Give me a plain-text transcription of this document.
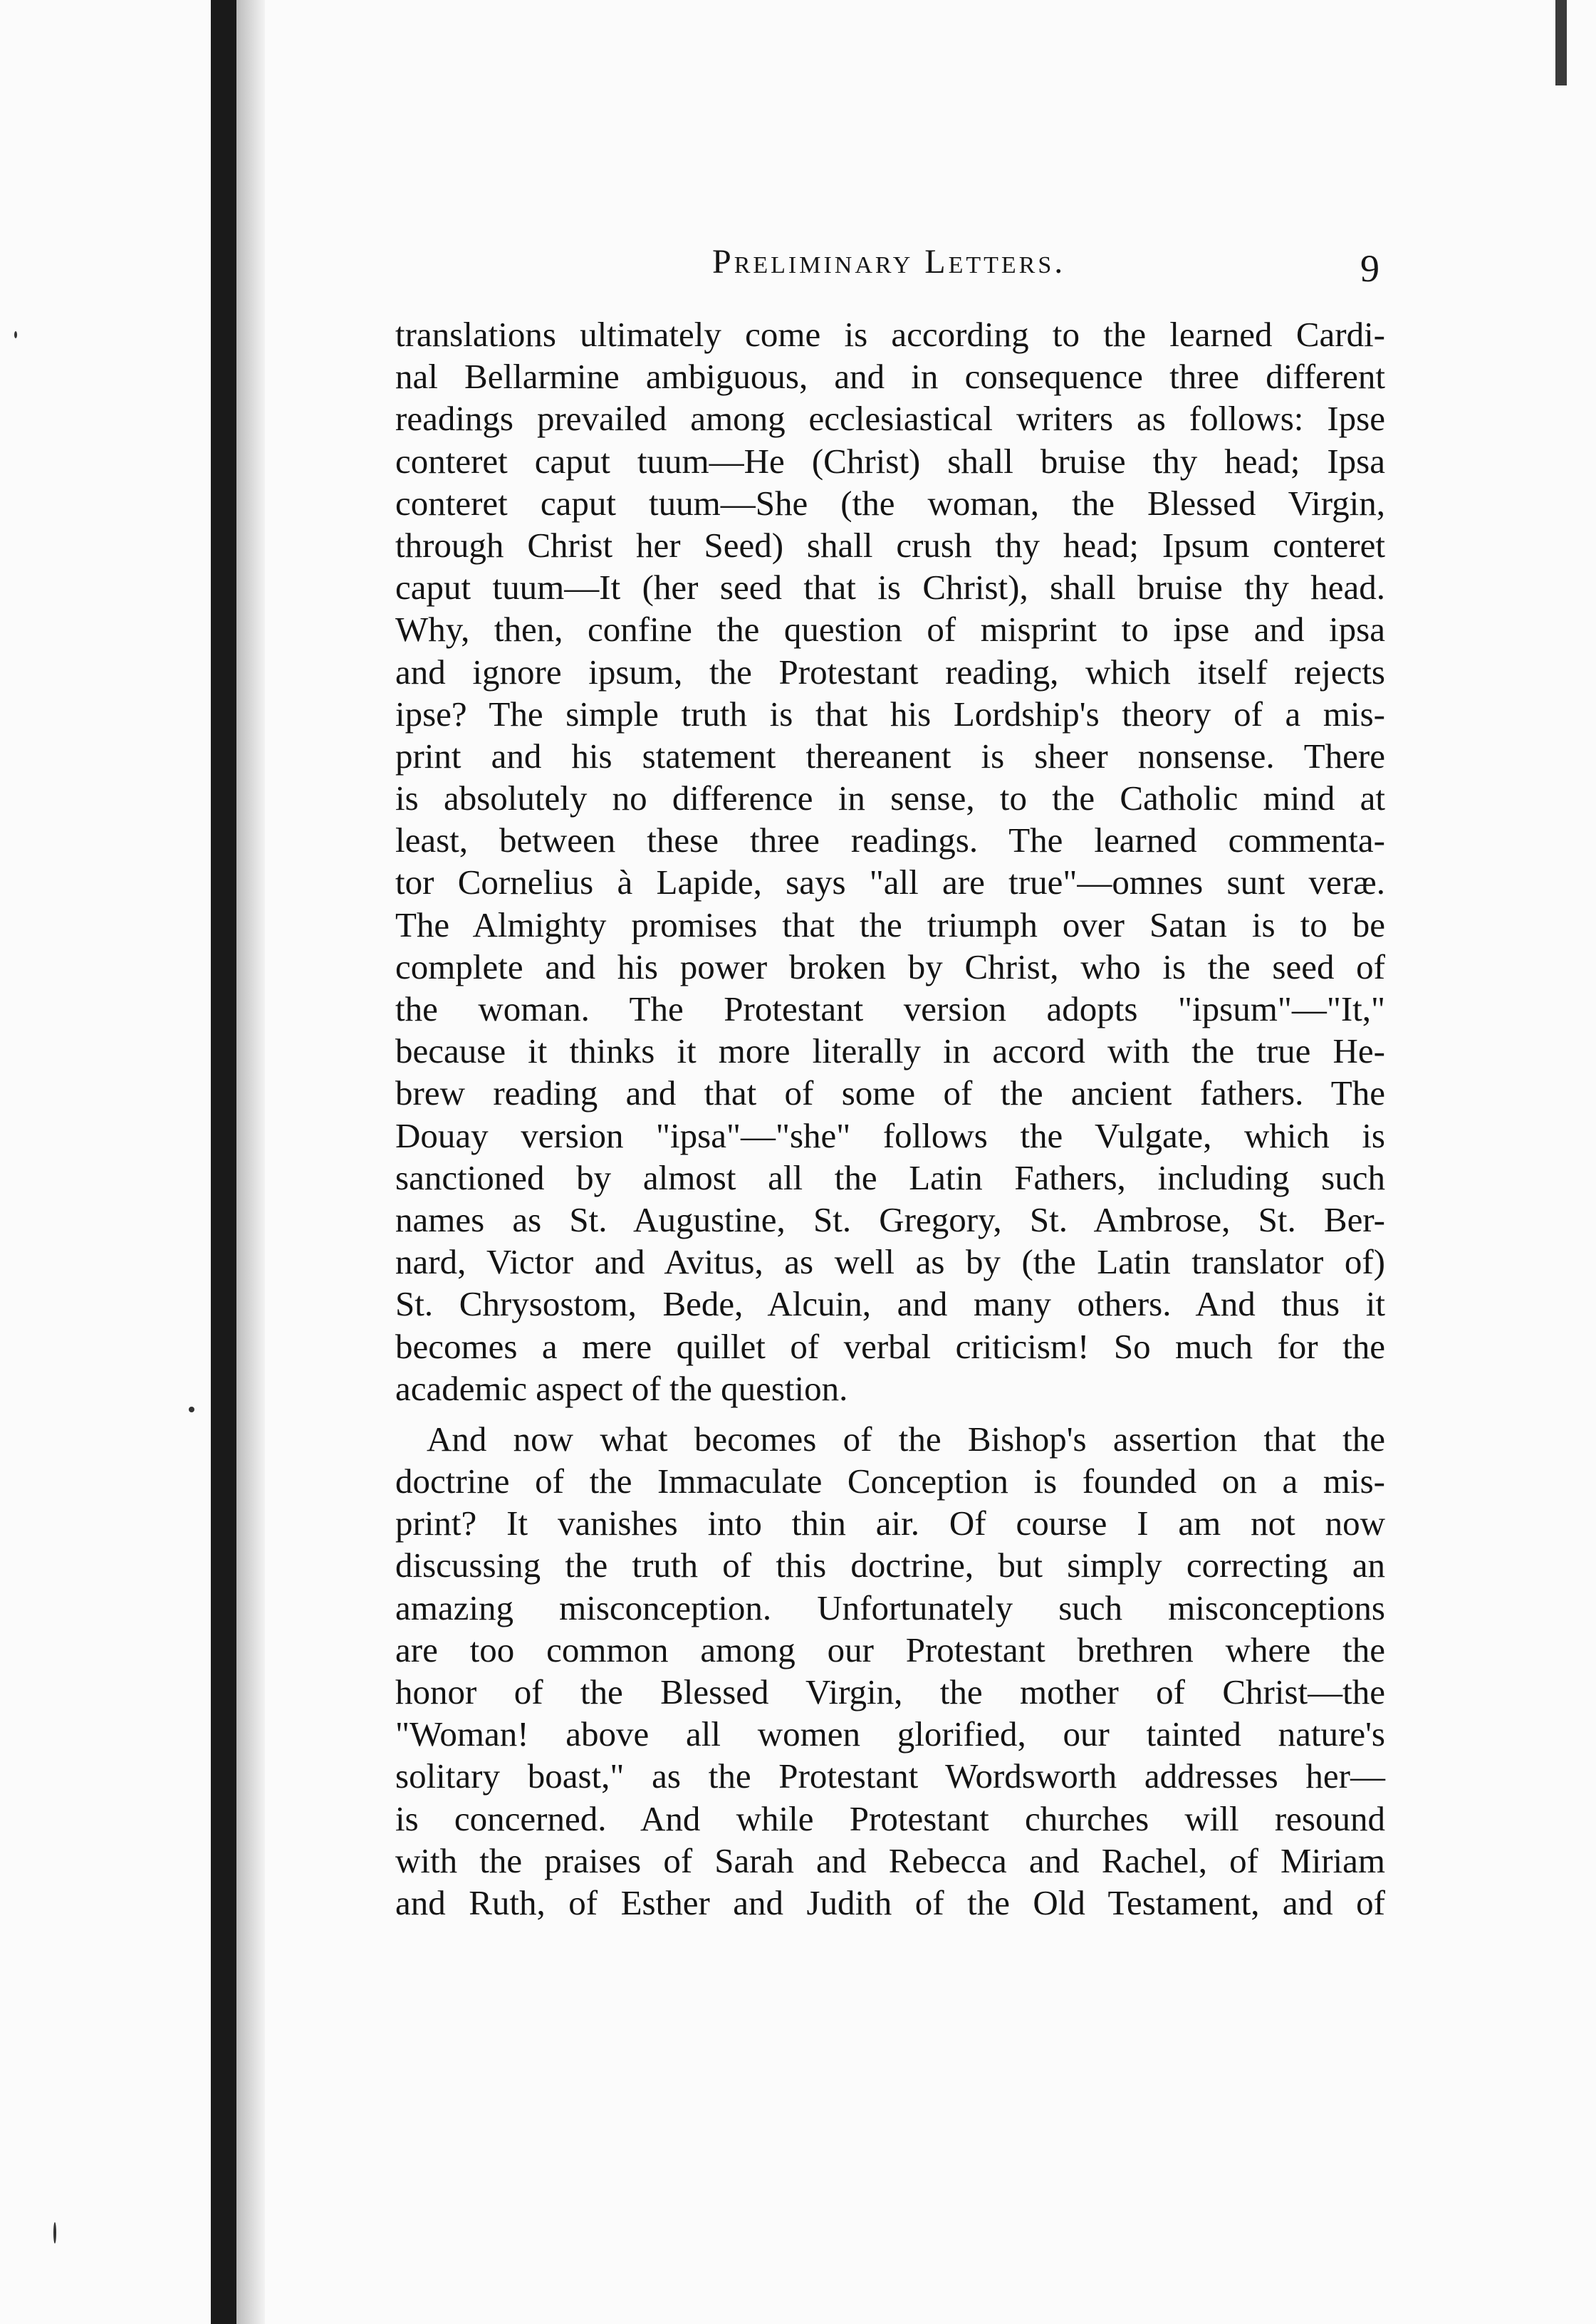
Preliminary Letters.	9
translations ultimately come is according to the learned Cardi-
nal Bellarmine ambiguous, and in consequence three different
readings prevailed among ecclesiastical writers as follows: Ipse
conteret caput tuum—He (Christ) shall bruise thy head; Ipsa
conteret caput tuum—She (the woman, the Blessed Virgin,
through Christ her Seed) shall crush thy head; Ipsum conteret
caput tuum—It (her seed that is Christ), shall bruise thy head.
Why, then, confine the question of misprint to ipse and ipsa
and ignore ipsum, the Protestant reading, which itself rejects
ipse? The simple truth is that his Lordship's theory of a mis-
print and his statement thereanent is sheer nonsense. There
is absolutely no difference in sense, to the Catholic mind at
least, between these three readings. The learned commenta-
tor Cornelius à Lapide, says "all are true"—omnes sunt veræ.
The Almighty promises that the triumph over Satan is to be
complete and his power broken by Christ, who is the seed of
the woman. The Protestant version adopts "ipsum"—"It,"
because it thinks it more literally in accord with the true He-
brew reading and that of some of the ancient fathers. The
Douay version "ipsa"—"she" follows the Vulgate, which is
sanctioned by almost all the Latin Fathers, including such
names as St. Augustine, St. Gregory, St. Ambrose, St. Ber-
nard, Victor and Avitus, as well as by (the Latin translator of)
St. Chrysostom, Bede, Alcuin, and many others. And thus it
becomes a mere quillet of verbal criticism! So much for the
academic aspect of the question.
And now what becomes of the Bishop's assertion that the
doctrine of the Immaculate Conception is founded on a mis-
print? It vanishes into thin air. Of course I am not now
discussing the truth of this doctrine, but simply correcting an
amazing misconception. Unfortunately such misconceptions
are too common among our Protestant brethren where the
honor of the Blessed Virgin, the mother of Christ—the
"Woman! above all women glorified, our tainted nature's
solitary boast," as the Protestant Wordsworth addresses her—
is concerned. And while Protestant churches will resound
with the praises of Sarah and Rebecca and Rachel, of Miriam
and Ruth, of Esther and Judith of the Old Testament, and of
